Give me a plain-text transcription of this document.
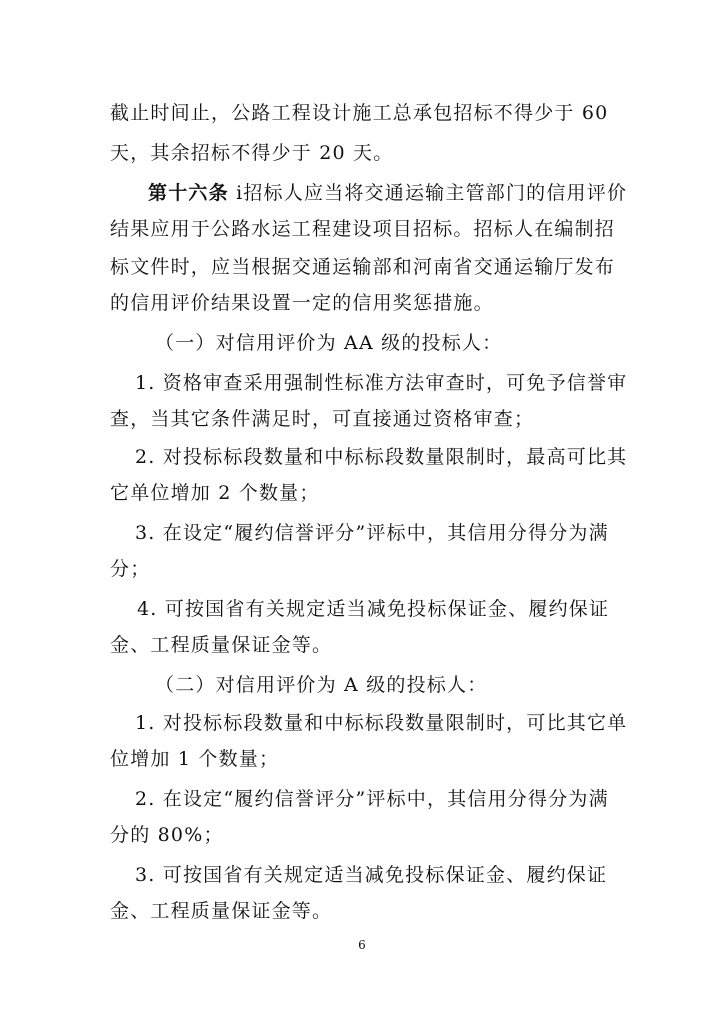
截止时间止，公路工程设计施工总承包招标不得少于 60
天，其余招标不得少于 20 天。
第十六条 i招标人应当将交通运输主管部门的信用评价
结果应用于公路水运工程建设项目招标。招标人在编制招
标文件时，应当根据交通运输部和河南省交通运输厅发布
的信用评价结果设置一定的信用奖惩措施。
（一）对信用评价为 AA 级的投标人：
1. 资格审查采用强制性标准方法审查时，可免予信誉审
查，当其它条件满足时，可直接通过资格审查；
2. 对投标标段数量和中标标段数量限制时，最高可比其
它单位增加 2 个数量；
3. 在设定“履约信誉评分”评标中，其信用分得分为满
分；
4. 可按国省有关规定适当减免投标保证金、履约保证
金、工程质量保证金等。
（二）对信用评价为 A 级的投标人：
1. 对投标标段数量和中标标段数量限制时，可比其它单
位增加 1 个数量；
2. 在设定“履约信誉评分”评标中，其信用分得分为满
分的 80%；
3. 可按国省有关规定适当减免投标保证金、履约保证
金、工程质量保证金等。
6
